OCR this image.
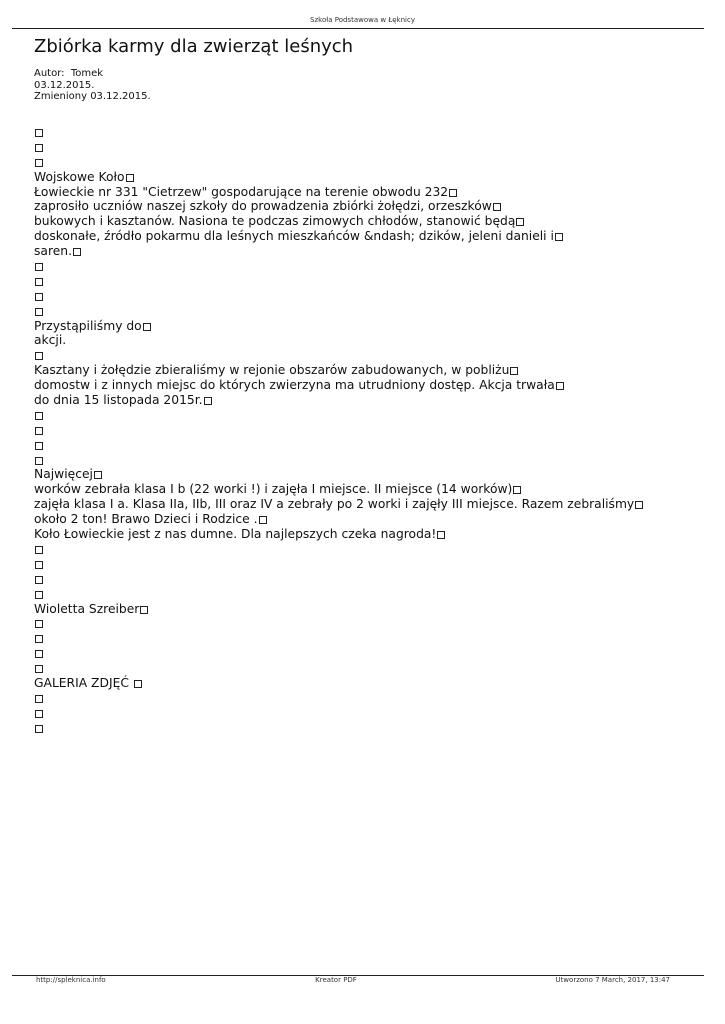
Szkoła Podstawowa w Łęknicy
Zbiórka karmy dla zwierząt leśnych
Autor:  Tomek
03.12.2015.
Zmieniony 03.12.2015.
Wojskowe Koło
Łowieckie nr 331 "Cietrzew" gospodarujące na terenie obwodu 232
zaprosiło uczniów naszej szkoły do prowadzenia zbiórki żołędzi, orzeszków
bukowych i kasztanów. Nasiona te podczas zimowych chłodów, stanowić będą
doskonałe, źródło pokarmu dla leśnych mieszkańców &ndash; dzików, jeleni danieli i
saren.
Przystąpiliśmy do
akcji.
Kasztany i żołędzie zbieraliśmy w rejonie obszarów zabudowanych, w pobliżu
domostw i z innych miejsc do których zwierzyna ma utrudniony dostęp. Akcja trwała
do dnia 15 listopada 2015r.
Najwięcej
worków zebrała klasa I b (22 worki !) i zajęła I miejsce. II miejsce (14 worków)
zajęła klasa I a. Klasa IIa, IIb, III oraz IV a zebrały po 2 worki i zajęły III miejsce. Razem zebraliśmy
około 2 ton! Brawo Dzieci i Rodzice .
Koło Łowieckie jest z nas dumne. Dla najlepszych czeka nagroda!
Wioletta Szreiber
GALERIA ZDJĘĆ
http://spleknica.info	Kreator PDF	Utworzono 7 March, 2017, 13:47
